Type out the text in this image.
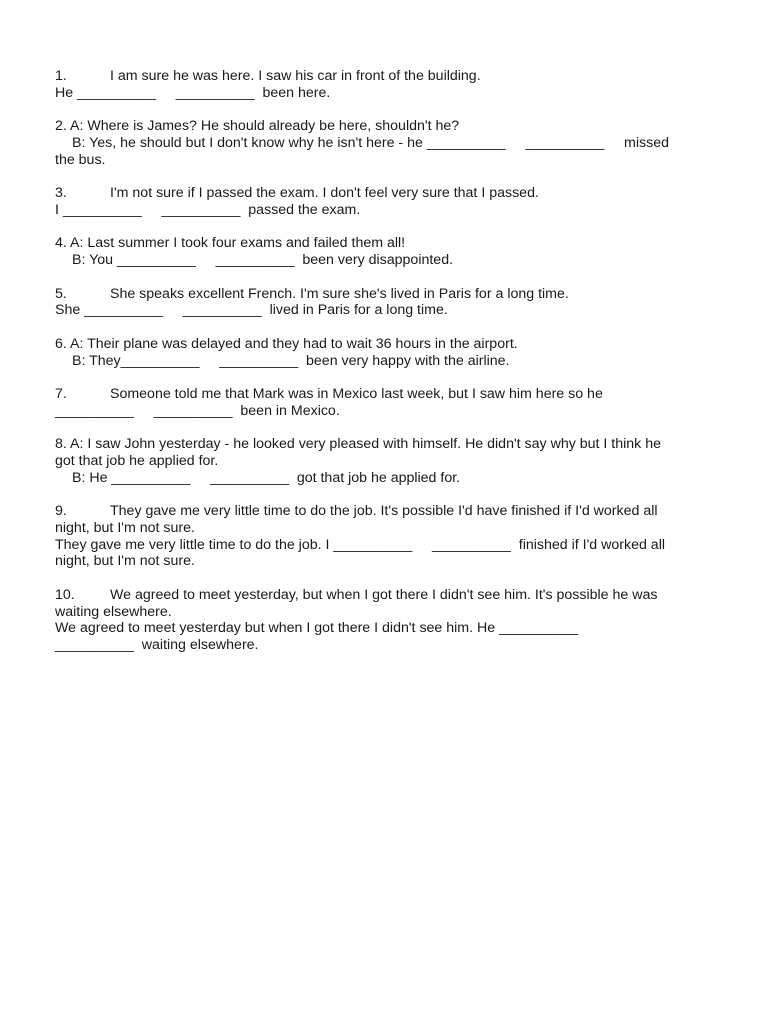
1.	I am sure he was here. I saw his car in front of the building.
He __________     __________  been here.
2. A: Where is James? He should already be here, shouldn't he?
B: Yes, he should but I don't know why he isn't here - he __________     __________     missed
the bus.
3.	I'm not sure if I passed the exam. I don't feel very sure that I passed.
I __________     __________  passed the exam.
4. A: Last summer I took four exams and failed them all!
B: You __________     __________  been very disappointed.
5.	She speaks excellent French. I'm sure she's lived in Paris for a long time.
She __________     __________  lived in Paris for a long time.
6. A: Their plane was delayed and they had to wait 36 hours in the airport.
B: They__________     __________  been very happy with the airline.
7.	Someone told me that Mark was in Mexico last week, but I saw him here so he
__________     __________  been in Mexico.
8. A: I saw John yesterday - he looked very pleased with himself. He didn't say why but I think he
got that job he applied for.
B: He __________     __________  got that job he applied for.
9.	They gave me very little time to do the job. It's possible I'd have finished if I'd worked all
night, but I'm not sure.
They gave me very little time to do the job. I __________     __________  finished if I'd worked all
night, but I'm not sure.
10. We agreed to meet yesterday, but when I got there I didn't see him. It's possible he was
waiting elsewhere.
We agreed to meet yesterday but when I got there I didn't see him. He __________
__________  waiting elsewhere.
